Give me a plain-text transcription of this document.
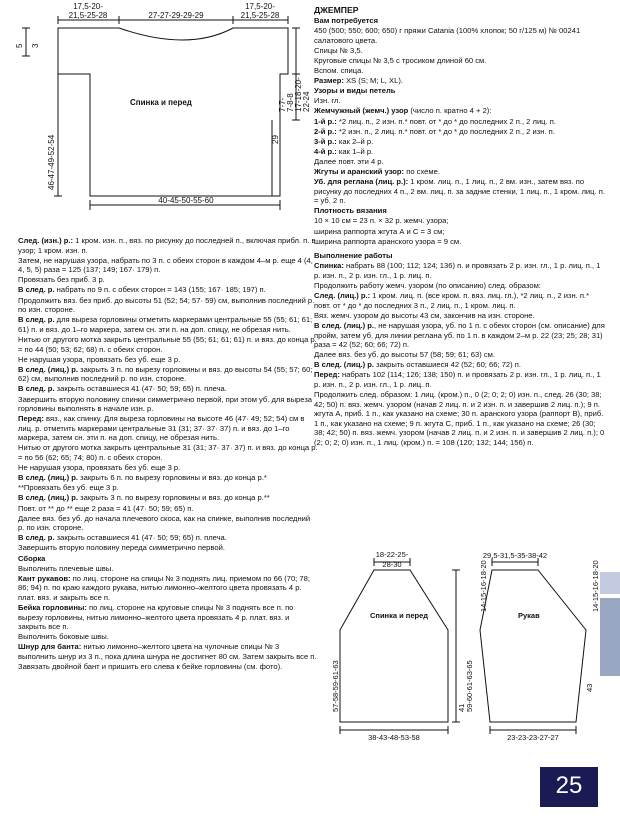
17,5-20-
21,5-25-28	27-27-29-29-29
17,5-20-
21,5-25-28
Спинка и перед
40-45-50-55-60
5 3
46-47-49-52-54	29
7-7- 7-8-8 17-18-20- 22-24

След. (изн.) р.: 1 кром. изн. п., вяз. по рисунку до последней п., включая прибл. п. в узор; 1 кром. изн. п.

Затем, не нарушая узора, набрать по 3 п. с обеих сторон в каждом 4–м р. еще 4 (4, 4, 5, 5) раза = 125 (137; 149; 167· 179) п.

Провязать без приб. 3 р.

В след. р. набрать по 9 п. с обеих сторон = 143 (155; 167· 185; 197) п.

Продолжить вяз. без приб. до высоты 51 (52; 54; 57· 59) см, выполнив последний р. по изн. стороне.

В след. р. для выреза горловины отметить маркерами центральные 55 (55; 61; 61; 61) п. и вяз. до 1–го маркера, затем сн. эти п. на доп. спицу, не обрезая нить.

Нитью от другого мотка закрыть центральные 55 (55; 61; 61; 61) п. и вяз. до конца р. = по 44 (50; 53; 62; 68) п. с обеих сторон.

Не нарушая узора, провязать без уб. еще 3 р.

В след. (лиц.) р. закрыть 3 п. по вырезу горловины и вяз. до высоты 54 (55; 57; 60; 62) см, выполнив последний р. по изн. стороне.

В след. р. закрыть оставшиеся 41 (47· 50; 59; 65) п. плеча.

Завершить вторую половину спинки симметрично первой, при этом уб. для выреза горловины выполнять в начале изн. р.

Перед: вяз., как спинку. Для выреза горловины на высоте 46 (47· 49; 52; 54) см в лиц. р. отметить маркерами центральные 31 (31; 37· 37· 37) п. и вяз. до 1–го маркера, затем сн. эти п. на доп. спицу, не обрезая нить.

Нитью от другого мотка закрыть центральные 31 (31; 37· 37· 37) п. и вяз. до конца р. = по 56 (62; 65; 74; 80) п. с обеих сторон.

Не нарушая узора, провязать без уб. еще 3 р.

В след. (лиц.) р. закрыть 6 п. по вырезу горловины и вяз. до конца р.*

**Провязать без уб. еще 3 р.

В след. (лиц.) р. закрыть 3 п. по вырезу горловины и вяз. до конца р.**

Повт. от ** до ** еще 2 раза = 41 (47· 50; 59; 65) п.

Далее вяз. без уб. до начала плечевого скоса, как на спинке, выполнив последний р. по изн. стороне.

В след. р. закрыть оставшиеся 41 (47· 50; 59; 65) п. плеча.

Завершить вторую половину переда симметрично первой.

Сборка

Выполнить плечевые швы.

Кант рукавов: по лиц. стороне на спицы № 3 поднять лиц. приемом по 66 (70; 78; 86; 94) п. по краю каждого рукава, нитью лимонно–желтого цвета провязать 4 р. плат. вяз. и закрыть все п.

Бейка горловины: по лиц. стороне на круговые спицы № 3 поднять все п. по вырезу горловины, нитью лимонно–желтого цвета провязать 4 р. плат. вяз. и закрыть все п.

Выполнить боковые швы.

Шнур для банта: нитью лимонно–желтого цвета на чулочные спицы № 3 выполнить шнур из 3 п., пока длина шнура не достигнет 80 см. Затем закрыть все п.

Завязать двойной бант и пришить его слева к бейке горловины (см. фото).

ДЖЕМПЕР

Вам потребуется

450 (500; 550; 600; 650) г пряжи Catania (100% хлопок; 50 г/125 м) № 00241 салатового цвета.

Спицы № 3,5.

Круговые спицы № 3,5 с тросиком длиной 60 см.

Вспом. спица.

Размер: XS (S; M; L, XL).

Узоры и виды петель

Изн. гл.

Жемчужный (жемч.) узор (число п. кратно 4 + 2):

1-й р.: *2 лиц. п., 2 изн. п.* повт. от * до * до последних 2 п., 2 лиц. п.

2-й р.: *2 изн. п., 2 лиц. п.* повт. от * до * до последних 2 п., 2 изн. п.

3-й р.: как 2–й р.

4-й р.: как 1–й р.

Далее повт. эти 4 р.

Жгуты и аранский узор: по схеме.

Уб. для реглана (лиц. р.): 1 кром. лиц. п., 1 лиц. п., 2 вм. изн., затем вяз. по рисунку до последних 4 п., 2 вм. лиц. п. за задние стенки, 1 лиц. п., 1 кром. лиц. п. = уб. 2 п.

Плотность вязания

10 × 10 см = 23 п. × 32 р. жемч. узора;

ширина раппорта жгута А и С = 3 см;

ширина раппорта аранского узора = 9 см.

Выполнение работы

Спинка: набрать 88 (100; 112; 124; 136) п. и провязать 2 р. изн. гл., 1 р. лиц. п., 1 р. изн. п., 2 р. изн. гл., 1 р. лиц. п.

Продолжить работу жемч. узором (по описанию) след. образом:

След. (лиц.) р.: 1 кром. лиц. п. (все кром. п. вяз. лиц. гл.), *2 лиц. п., 2 изн. п.* повт. от * до * до последних 3 п., 2 лиц. п., 1 кром. лиц. п.

Вяз. жемч. узором до высоты 43 см, закончив на изн. стороне.

В след. (лиц.) р., не нарушая узора, уб. по 1 п. с обеих сторон (см. описание) для пройм, затем уб. для линии реглана уб. по 1 п. в каждом 2–м р. 22 (23; 25; 28; 31) раза = 42 (52; 60; 66; 72) п.

Далее вяз. без уб. до высоты 57 (58; 59; 61; 63) см.

В след. (лиц.) р. закрыть оставшиеся 42 (52; 60; 66; 72) п.

Перед: набрать 102 (114; 126; 138; 150) п. и провязать 2 р. изн. гл., 1 р. лиц. п., 1 р. изн. п., 2 р. изн. гл., 1 р. лиц. п.

Продолжить след. образом: 1 лиц. (кром.) п., 0 (2; 0; 2; 0) изн. п., след. 26 (30; 38; 42; 50) п. вяз. жемч. узором (начав 2 лиц. п. и 2 изн. п. и завершив 2 лиц. п.); 9 п. жгута A, приб. 1 п., как указано на схеме; 30 п. аранского узора (раппорт B), приб. 1 п., как указано на схеме; 9 п. жгута C, приб. 1 п., как указано на схеме; 26 (30; 38; 42; 50) п. вяз. жемч. узором (начав 2 лиц. п. и 2 изн. п. и завершив 2 лиц. п.); 0 (2; 0; 2; 0) изн. п., 1 лиц. (кром.) п. = 108 (120; 132; 144; 156) п.

18-22-25-
28-30
Спинка и перед
38-43-48-53-58
57-58-59-61-63	41 59-60-61-63-65
29,5-31,5-35-38-42
Рукав
23-23-23-27-27
14-15-16-18-20	14-15-16-18-20
43
25
